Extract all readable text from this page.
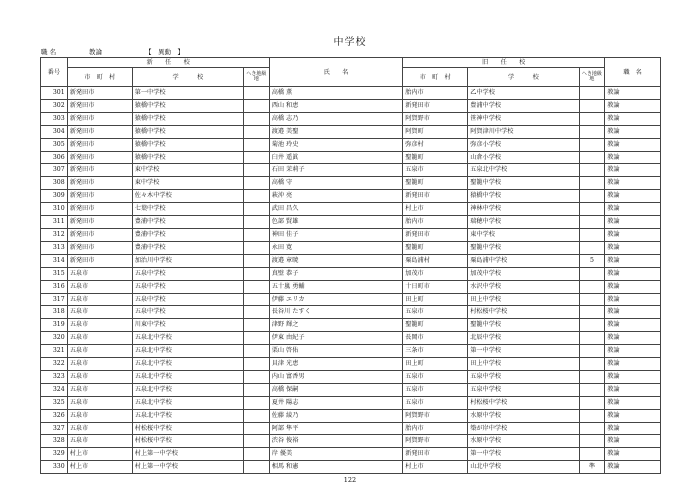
中学校
職 名	教論	【　異動　】
番号	新　　任　　校			氏　　名	旧　　任　　校			職　名
	市　町　村	学　　　校	へき地級 地		市　町　村	学　　　校	へき地級 地	
301	新発田市	第一中学校		高橋 薫	胎内市	乙中学校		教論
302	新発田市	猿橋中学校		西山 和恵	新発田市	豊浦中学校		教論
303	新発田市	猿橋中学校		高橋 志乃	阿賀野市	笹神中学校		教論
304	新発田市	猿橋中学校		渡邉 美聖	阿賀町	阿賀津川中学校		教論
305	新発田市	猿橋中学校		菊池 玲史	弥彦村	弥彦小学校		教論
306	新発田市	猿橋中学校		臼井 遥眞	聖籠町	山倉小学校		教論
307	新発田市	東中学校		石田 茉莉子	五泉市	五泉北中学校		教論
308	新発田市	東中学校		高橋 守	聖籠町	聖籠中学校		教論
309	新発田市	佐々木中学校		萩沖 亮	新発田市	猿橋中学校		教論
310	新発田市	七葉中学校		武田 昌久	村上市	神林中学校		教論
311	新発田市	豊浦中学校		色部 賢雄	胎内市	瑞穂中学校		教論
312	新発田市	豊浦中学校		神田 佳子	新発田市	東中学校		教論
313	新発田市	豊浦中学校		永田 寛	聖籠町	聖籠中学校		教論
314	新発田市	加治川中学校		渡邉 章暁	粟島浦村	粟島浦中学校	5	教論
315	五泉市	五泉中学校		真壁 恭子	加茂市	加茂中学校		教論
316	五泉市	五泉中学校		五十嵐 勇輔	十日町市	水沢中学校		教論
317	五泉市	五泉中学校		伊藤 エリカ	田上町	田上中学校		教論
318	五泉市	五泉中学校		長谷川 たすく	五泉市	村松桜中学校		教論
319	五泉市	川東中学校		津野 輝之	聖籠町	聖籠中学校		教論
320	五泉市	五泉北中学校		伊東 由紀子	長岡市	北辰中学校		教論
321	五泉市	五泉北中学校		栗山 啓佑	三条市	第一中学校		教論
322	五泉市	五泉北中学校		貝津 光恵	田上町	田上中学校		教論
323	五泉市	五泉北中学校		内山 富香男	五泉市	五泉中学校		教論
324	五泉市	五泉北中学校		高橋 保嗣	五泉市	五泉中学校		教論
325	五泉市	五泉北中学校		夏井 陽志	五泉市	村松桜中学校		教論
326	五泉市	五泉北中学校		佐藤 綾乃	阿賀野市	水原中学校		教論
327	五泉市	村松桜中学校		阿部 隼平	胎内市	築が岸中学校		教論
328	五泉市	村松桜中学校		渋谷 俊裕	阿賀野市	水原中学校		教論
329	村上市	村上第一中学校		岸 優美	新発田市	第一中学校		教論
330	村上市	村上第一中学校		相馬 和憲	村上市	山北中学校	準	教論
122
